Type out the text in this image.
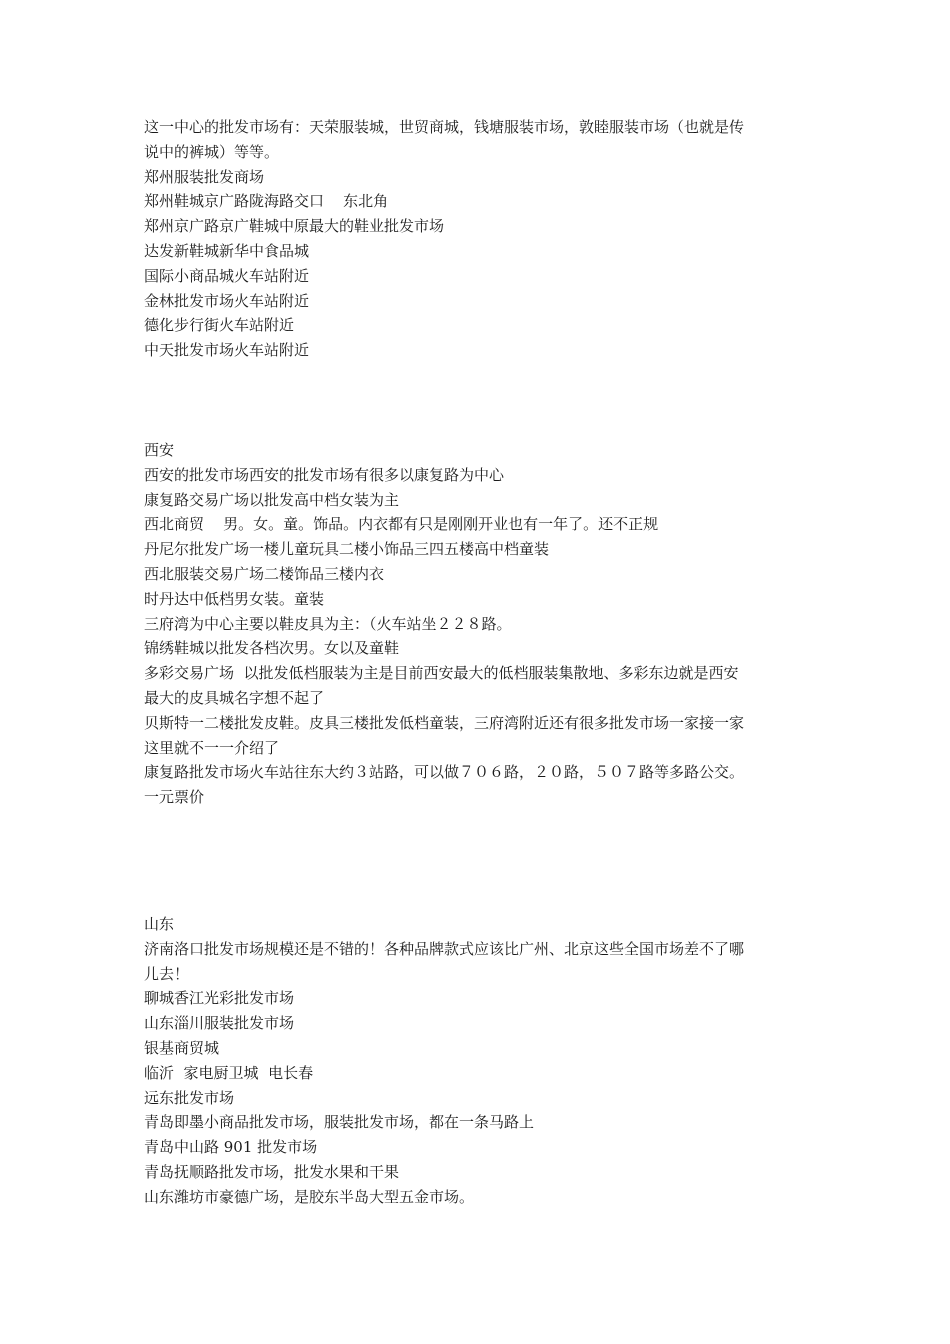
这一中心的批发市场有：天荣服装城，世贸商城，钱塘服装市场，敦睦服装市场（也就是传
说中的裤城）等等。
郑州服装批发商场
郑州鞋城京广路陇海路交口    东北角
郑州京广路京广鞋城中原最大的鞋业批发市场
达发新鞋城新华中食品城
国际小商品城火车站附近
金林批发市场火车站附近
德化步行街火车站附近
中天批发市场火车站附近
西安
西安的批发市场西安的批发市场有很多以康复路为中心
康复路交易广场以批发高中档女装为主
西北商贸    男。女。童。饰品。内衣都有只是刚刚开业也有一年了。还不正规
丹尼尔批发广场一楼儿童玩具二楼小饰品三四五楼高中档童装
西北服装交易广场二楼饰品三楼内衣
时丹达中低档男女装。童装
三府湾为中心主要以鞋皮具为主：（火车站坐２２８路。
锦绣鞋城以批发各档次男。女以及童鞋
多彩交易广场  以批发低档服装为主是目前西安最大的低档服装集散地、多彩东边就是西安
最大的皮具城名字想不起了
贝斯特一二楼批发皮鞋。皮具三楼批发低档童装，三府湾附近还有很多批发市场一家接一家
这里就不一一介绍了
康复路批发市场火车站往东大约３站路，可以做７０６路，２０路，５０７路等多路公交。
一元票价
山东
济南洛口批发市场规模还是不错的！各种品牌款式应该比广州、北京这些全国市场差不了哪
儿去！
聊城香江光彩批发市场
山东淄川服装批发市场
银基商贸城
临沂  家电厨卫城  电长春
远东批发市场
青岛即墨小商品批发市场，服装批发市场，都在一条马路上
青岛中山路 901 批发市场
青岛抚顺路批发市场，批发水果和干果
山东潍坊市豪德广场，是胶东半岛大型五金市场。
